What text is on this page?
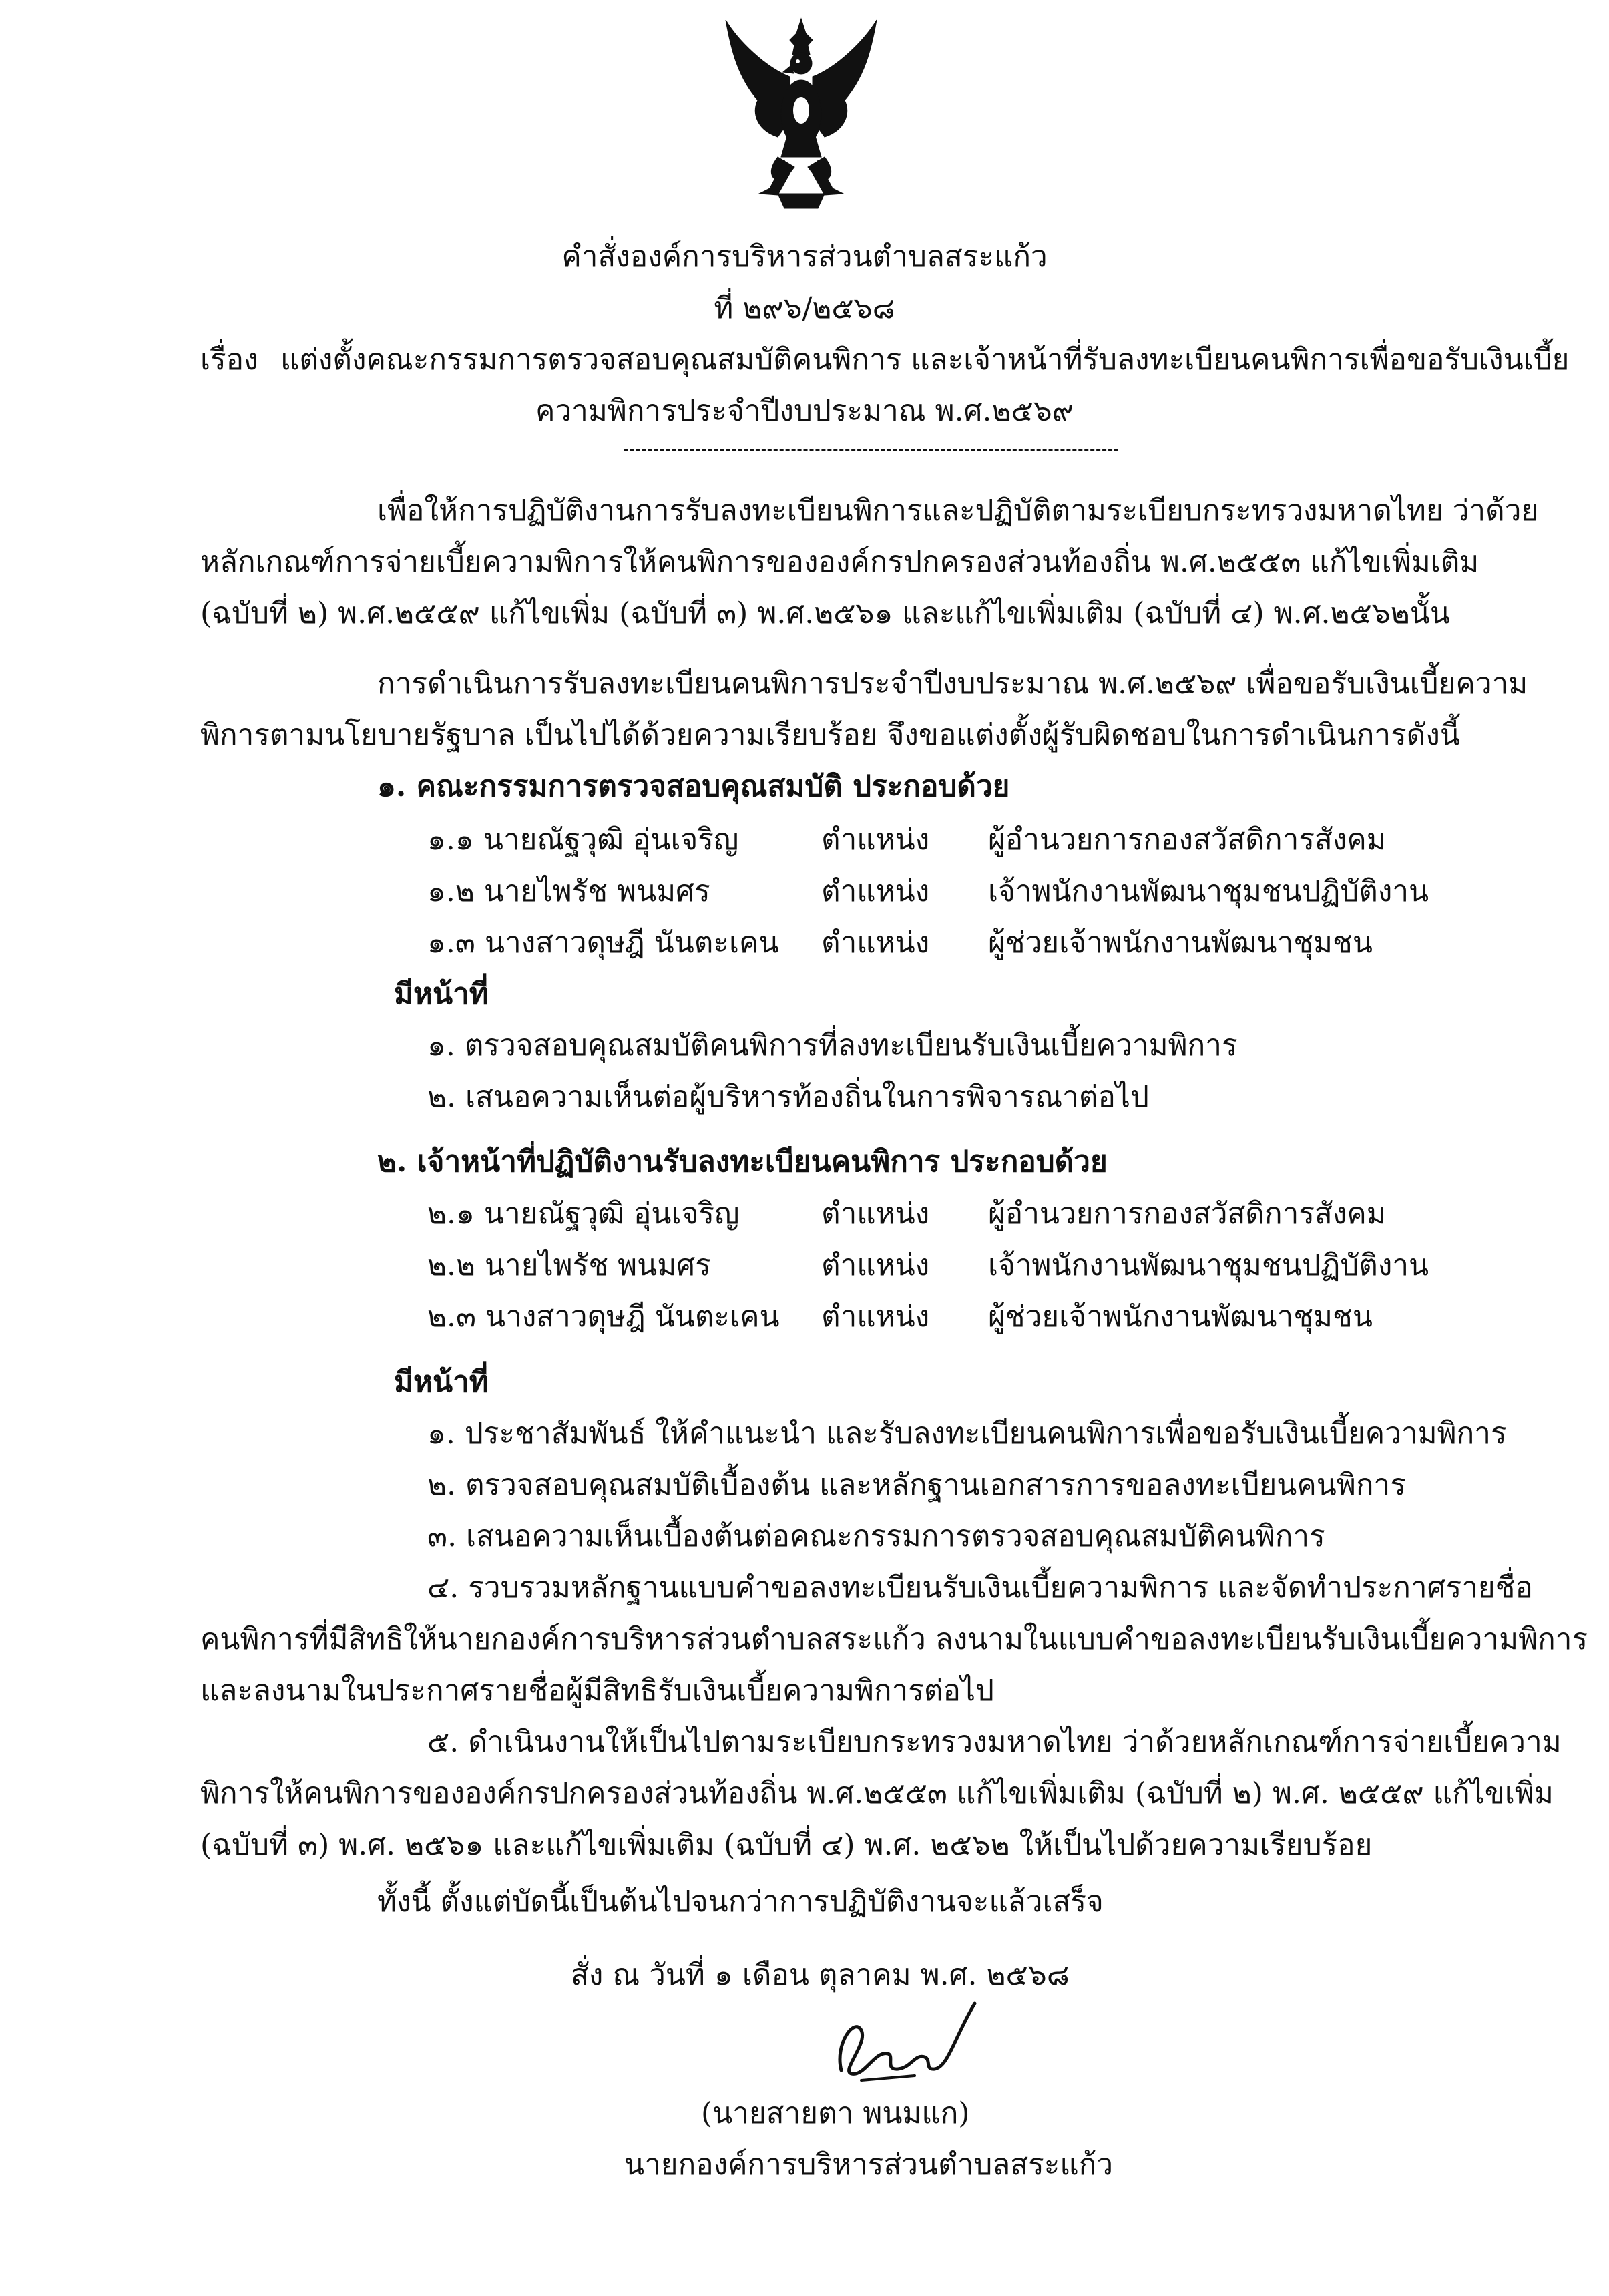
คำสั่งองค์การบริหารส่วนตำบลสระแก้ว
ที่ ๒๙๖/๒๕๖๘
เรื่อง แต่งตั้งคณะกรรมการตรวจสอบคุณสมบัติคนพิการ และเจ้าหน้าที่รับลงทะเบียนคนพิการเพื่อขอรับเงินเบี้ย
ความพิการประจำปีงบประมาณ พ.ศ.๒๕๖๙
เพื่อให้การปฏิบัติงานการรับลงทะเบียนพิการและปฏิบัติตามระเบียบกระทรวงมหาดไทย ว่าด้วย
หลักเกณฑ์การจ่ายเบี้ยความพิการให้คนพิการขององค์กรปกครองส่วนท้องถิ่น พ.ศ.๒๕๕๓ แก้ไขเพิ่มเติม
(ฉบับที่ ๒) พ.ศ.๒๕๕๙ แก้ไขเพิ่ม (ฉบับที่ ๓) พ.ศ.๒๕๖๑ และแก้ไขเพิ่มเติม (ฉบับที่ ๔) พ.ศ.๒๕๖๒นั้น
การดำเนินการรับลงทะเบียนคนพิการประจำปีงบประมาณ พ.ศ.๒๕๖๙ เพื่อขอรับเงินเบี้ยความ
พิการตามนโยบายรัฐบาล เป็นไปได้ด้วยความเรียบร้อย จึงขอแต่งตั้งผู้รับผิดชอบในการดำเนินการดังนี้
๑. คณะกรรมการตรวจสอบคุณสมบัติ ประกอบด้วย
๑.๑ นายณัฐวุฒิ อุ่นเจริญ	ตำแหน่ง ผู้อำนวยการกองสวัสดิการสังคม
๑.๒ นายไพรัช พนมศร	ตำแหน่ง เจ้าพนักงานพัฒนาชุมชนปฏิบัติงาน
๑.๓ นางสาวดุษฎี นันตะเคน ตำแหน่ง ผู้ช่วยเจ้าพนักงานพัฒนาชุมชน
มีหน้าที่
๑. ตรวจสอบคุณสมบัติคนพิการที่ลงทะเบียนรับเงินเบี้ยความพิการ
๒. เสนอความเห็นต่อผู้บริหารท้องถิ่นในการพิจารณาต่อไป
๒. เจ้าหน้าที่ปฏิบัติงานรับลงทะเบียนคนพิการ ประกอบด้วย
๒.๑ นายณัฐวุฒิ อุ่นเจริญ	ตำแหน่ง ผู้อำนวยการกองสวัสดิการสังคม
๒.๒ นายไพรัช พนมศร	ตำแหน่ง เจ้าพนักงานพัฒนาชุมชนปฏิบัติงาน
๒.๓ นางสาวดุษฎี นันตะเคน ตำแหน่ง ผู้ช่วยเจ้าพนักงานพัฒนาชุมชน
มีหน้าที่
๑. ประชาสัมพันธ์ ให้คำแนะนำ และรับลงทะเบียนคนพิการเพื่อขอรับเงินเบี้ยความพิการ
๒. ตรวจสอบคุณสมบัติเบื้องต้น และหลักฐานเอกสารการขอลงทะเบียนคนพิการ
๓. เสนอความเห็นเบื้องต้นต่อคณะกรรมการตรวจสอบคุณสมบัติคนพิการ
๔. รวบรวมหลักฐานแบบคำขอลงทะเบียนรับเงินเบี้ยความพิการ และจัดทำประกาศรายชื่อ
คนพิการที่มีสิทธิให้นายกองค์การบริหารส่วนตำบลสระแก้ว ลงนามในแบบคำขอลงทะเบียนรับเงินเบี้ยความพิการ
และลงนามในประกาศรายชื่อผู้มีสิทธิรับเงินเบี้ยความพิการต่อไป
๕. ดำเนินงานให้เป็นไปตามระเบียบกระทรวงมหาดไทย ว่าด้วยหลักเกณฑ์การจ่ายเบี้ยความ
พิการให้คนพิการขององค์กรปกครองส่วนท้องถิ่น พ.ศ.๒๕๕๓ แก้ไขเพิ่มเติม (ฉบับที่ ๒) พ.ศ. ๒๕๕๙ แก้ไขเพิ่ม
(ฉบับที่ ๓) พ.ศ. ๒๕๖๑ และแก้ไขเพิ่มเติม (ฉบับที่ ๔) พ.ศ. ๒๕๖๒ ให้เป็นไปด้วยความเรียบร้อย
ทั้งนี้ ตั้งแต่บัดนี้เป็นต้นไปจนกว่าการปฏิบัติงานจะแล้วเสร็จ
สั่ง ณ วันที่ ๑ เดือน ตุลาคม พ.ศ. ๒๕๖๘
(นายสายตา พนมแก)
นายกองค์การบริหารส่วนตำบลสระแก้ว
